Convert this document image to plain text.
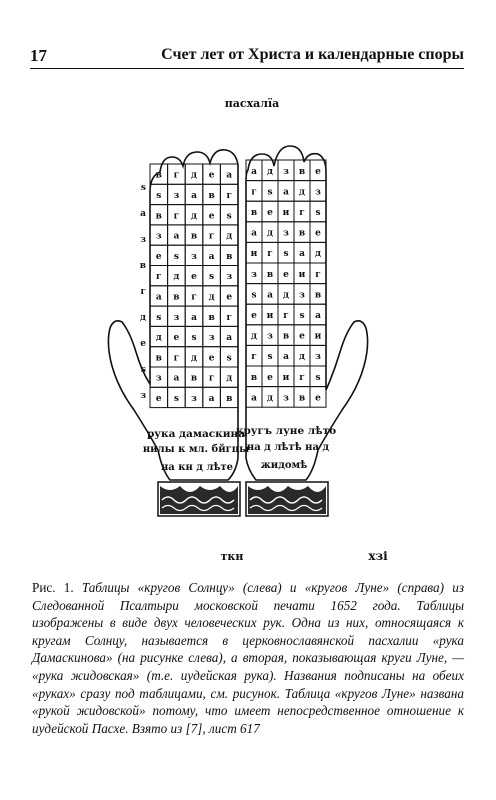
17	Счет лет от Христа и календарные споры
пасхалїа
в г д е а
ѕ з а в г
в г д е ѕ
з а в г д
е ѕ з а в
г д е ѕ з
а в г д е
ѕ з а в г
д е ѕ з а
в г д е ѕ
з а в г д
е ѕ з а в
ѕ
а
з
в
г
д
е
ѕ
з
рука дамаскина
нилы к мл. бйгцы
на кн д лѣте
а д з в е
г ѕ а д з
в е и г ѕ
а д з в е
и г ѕ а д
з в е и г
ѕ а д з в
е и г ѕ а
д з в е и
г ѕ а д з
в е и г ѕ
а д з в е
кругъ луне лѣто
на д лѣтѣ на д
жидомѣ
ткн	хзі
Рис. 1. Таблицы «кругов Солнцу» (слева) и «кругов Луне» (справа) из Следованной Псалтыри московской печати 1652 года. Таблицы изображены в виде двух человеческих рук. Одна из них, относящаяся к кругам Солнцу, называется в церковнославянской пасхалии «рука Дамаскинова» (на рисунке слева), а вторая, показывающая круги Луне, — «рука жидовская» (т.е. иудейская рука). Названия подписаны на обеих «руках» сразу под таблицами, см. рисунок. Таблица «кругов Луне» названа «рукой жидовской» потому, что имеет непосредственное отношение к иудейской Пасхе. Взято из [7], лист 617
